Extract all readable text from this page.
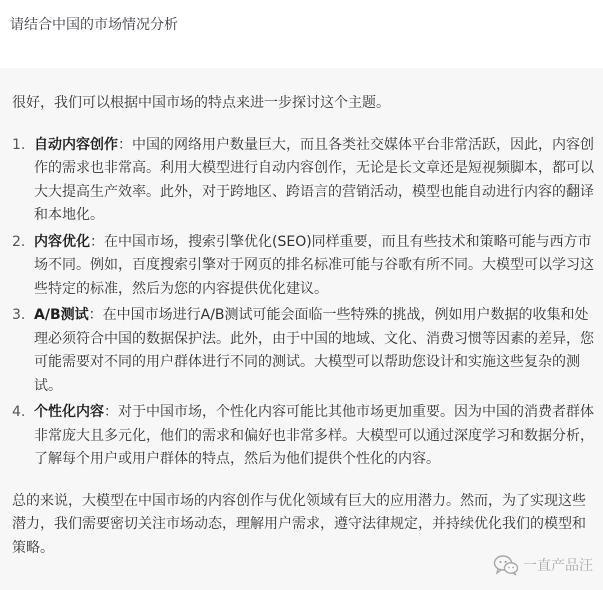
请结合中国的市场情况分析

很好，我们可以根据中国市场的特点来进一步探讨这个主题。

1. 自动内容创作：中国的网络用户数量巨大，而且各类社交媒体平台非常活跃，因此，内容创作的需求也非常高。利用大模型进行自动内容创作，无论是长文章还是短视频脚本，都可以大大提高生产效率。此外，对于跨地区、跨语言的营销活动，模型也能自动进行内容的翻译和本地化。
2. 内容优化：在中国市场，搜索引擎优化(SEO)同样重要，而且有些技术和策略可能与西方市场不同。例如，百度搜索引擎对于网页的排名标准可能与谷歌有所不同。大模型可以学习这些特定的标准，然后为您的内容提供优化建议。
3. A/B测试：在中国市场进行A/B测试可能会面临一些特殊的挑战，例如用户数据的收集和处理必须符合中国的数据保护法。此外，由于中国的地域、文化、消费习惯等因素的差异，您可能需要对不同的用户群体进行不同的测试。大模型可以帮助您设计和实施这些复杂的测试。
4. 个性化内容：对于中国市场，个性化内容可能比其他市场更加重要。因为中国的消费者群体非常庞大且多元化，他们的需求和偏好也非常多样。大模型可以通过深度学习和数据分析，了解每个用户或用户群体的特点，然后为他们提供个性化的内容。

总的来说，大模型在中国市场的内容创作与优化领域有巨大的应用潜力。然而，为了实现这些潜力，我们需要密切关注市场动态，理解用户需求，遵守法律规定，并持续优化我们的模型和策略。

一直产品汪
